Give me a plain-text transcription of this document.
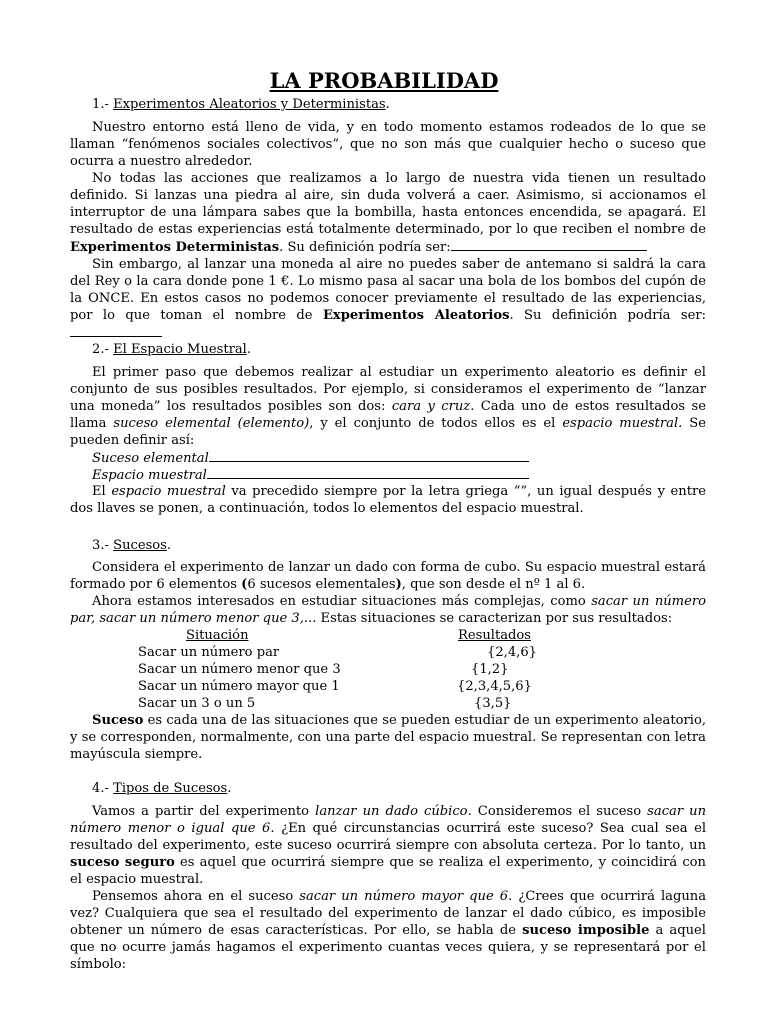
LA PROBABILIDAD
1.- Experimentos Aleatorios y Deterministas.

Nuestro entorno está lleno de vida, y en todo momento estamos rodeados de lo que se llaman “fenómenos sociales colectivos”, que no son más que cualquier hecho o suceso que ocurra a nuestro alrededor.

No todas las acciones que realizamos a lo largo de nuestra vida tienen un resultado definido. Si lanzas una piedra al aire, sin duda volverá a caer. Asimismo, si accionamos el interruptor de una lámpara sabes que la bombilla, hasta entonces encendida, se apagará. El resultado de estas experiencias está totalmente determinado, por lo que reciben el nombre de Experimentos Deterministas. Su definición podría ser:

Sin embargo, al lanzar una moneda al aire no puedes saber de antemano si saldrá la cara del Rey o la cara donde pone 1 €. Lo mismo pasa al sacar una bola de los bombos del cupón de la ONCE. En estos casos no podemos conocer previamente el resultado de las experiencias, por lo que toman el nombre de Experimentos Aleatorios. Su definición podría ser:

2.- El Espacio Muestral.

El primer paso que debemos realizar al estudiar un experimento aleatorio es definir el conjunto de sus posibles resultados. Por ejemplo, si consideramos el experimento de “lanzar una moneda” los resultados posibles son dos: cara y cruz. Cada uno de estos resultados se llama suceso elemental (elemento), y el conjunto de todos ellos es el espacio muestral. Se pueden definir así:

Suceso elemental
Espacio muestral

El espacio muestral va precedido siempre por la letra griega “”, un igual después y entre dos llaves se ponen, a continuación, todos lo elementos del espacio muestral.

3.- Sucesos.

Considera el experimento de lanzar un dado con forma de cubo. Su espacio muestral estará formado por 6 elementos (6 sucesos elementales), que son desde el nº 1 al 6.

Ahora estamos interesados en estudiar situaciones más complejas, como sacar un número par, sacar un número menor que 3,... Estas situaciones se caracterizan por sus resultados:

Situación	Resultados
Sacar un número par	{2,4,6}
Sacar un número menor que 3	{1,2}
Sacar un número mayor que 1	{2,3,4,5,6}
Sacar un 3 o un 5	{3,5}

Suceso es cada una de las situaciones que se pueden estudiar de un experimento aleatorio, y se corresponden, normalmente, con una parte del espacio muestral. Se representan con letra mayúscula siempre.

4.- Tipos de Sucesos.

Vamos a partir del experimento lanzar un dado cúbico. Consideremos el suceso sacar un número menor o igual que 6. ¿En qué circunstancias ocurrirá este suceso? Sea cual sea el resultado del experimento, este suceso ocurrirá siempre con absoluta certeza. Por lo tanto, un suceso seguro es aquel que ocurrirá siempre que se realiza el experimento, y coincidirá con el espacio muestral.

Pensemos ahora en el suceso sacar un número mayor que 6. ¿Crees que ocurrirá laguna vez? Cualquiera que sea el resultado del experimento de lanzar el dado cúbico, es imposible obtener un número de esas características. Por ello, se habla de suceso imposible a aquel que no ocurre jamás hagamos el experimento cuantas veces quiera, y se representará por el símbolo:
